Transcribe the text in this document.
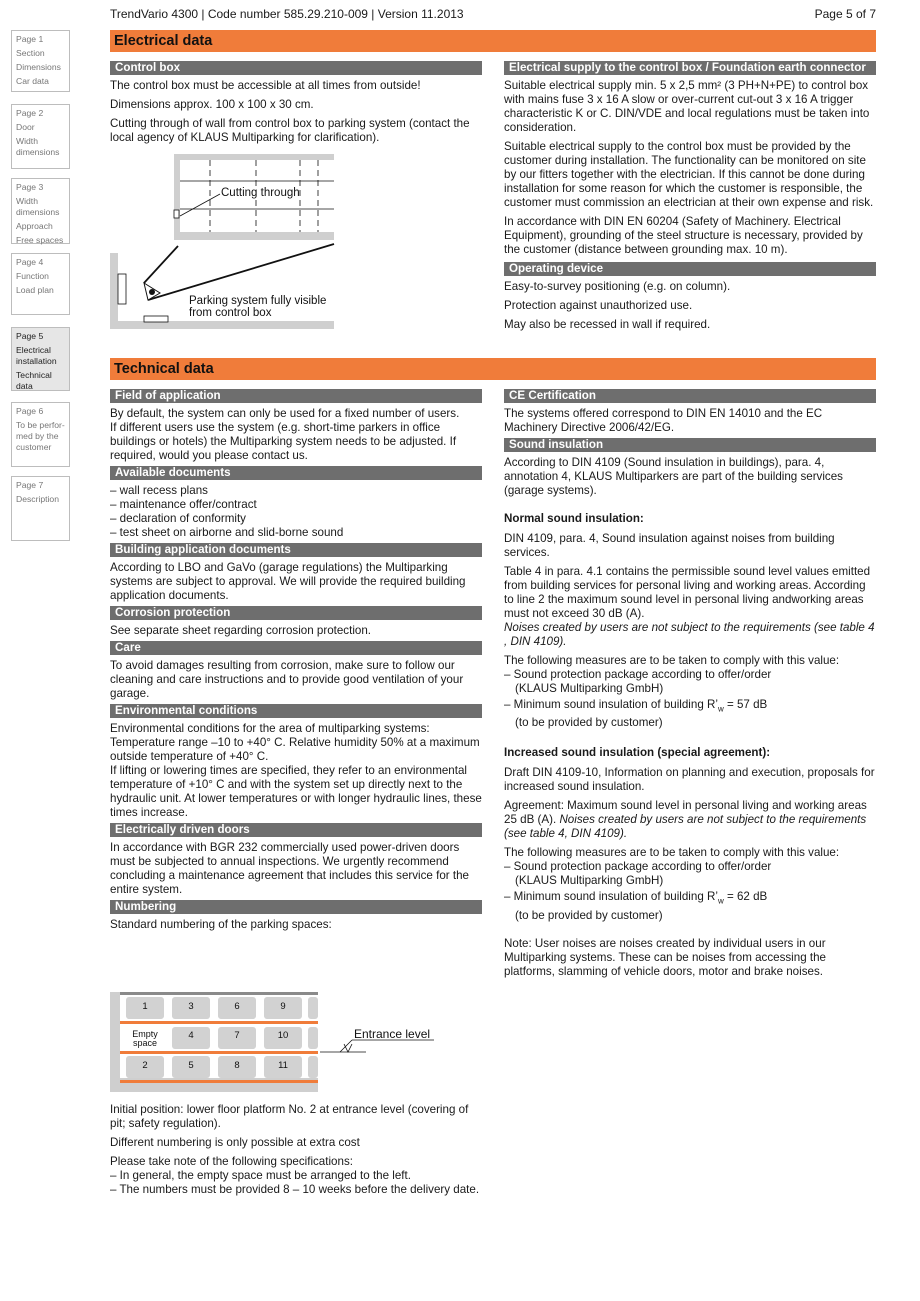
TrendVario 4300 | Code number 585.29.210-009 | Version 11.2013	Page 5 of 7
Page 1
Section
Dimensions
Car data
Page 2
Door
Width dimensions
Page 3
Width dimensions
Approach
Free spaces
Page 4
Function
Load plan
Page 5
Electrical installation
Technical data
Page 6
To be perfor-med by the customer
Page 7
Description
Electrical data
Control box

The control box must be accessible at all times from outside!

Dimensions approx. 100 x 100 x 30 cm.

Cutting through of wall from control box to parking system (contact the local agency of KLAUS Multiparking for clarification).

Cutting through
Parking system fully visible
from control box
Electrical supply to the control box / Foundation earth connector

Suitable electrical supply min. 5 x 2,5 mm² (3 PH+N+PE) to control box with mains fuse 3 x 16 A slow or over-current cut-out 3 x 16 A trigger characteristic K or C. DIN/VDE and local regulations must be taken into consideration.

Suitable electrical supply to the control box must be provided by the customer during installation. The functionality can be monitored on site by our fitters together with the electrician. If this cannot be done during installation for some reason for which the customer is responsible, the customer must commission an electrician at their own expense and risk.

In accordance with DIN EN 60204 (Safety of Machinery. Electrical Equipment), grounding of the steel structure is necessary, provided by the customer (distance between grounding max. 10 m).

Operating device

Easy-to-survey positioning (e.g. on column).

Protection against unauthorized use.

May also be recessed in wall if required.

Technical data
Field of application
By default, the system can only be used for a fixed number of users.
If different users use the system (e.g. short-time parkers in office buildings or hotels) the Multiparking system needs to be adjusted. If required, would you please contact us.
Available documents
– wall recess plans
– maintenance offer/contract
– declaration of conformity
– test sheet on airborne and slid-borne sound
Building application documents
According to LBO and GaVo (garage regulations) the Multiparking systems are subject to approval. We will provide the required building application documents.
Corrosion protection
See separate sheet regarding corrosion protection.
Care
To avoid damages resulting from corrosion, make sure to follow our cleaning and care instructions and to provide good ventilation of your garage.
Environmental conditions
Environmental conditions for the area of multiparking systems: Temperature range –10 to +40° C. Relative humidity 50% at a maximum outside temperature of +40° C.
If lifting or lowering times are specified, they refer to an environmental temperature of +10° C and with the system set up directly next to the hydraulic unit. At lower temperatures or with longer hydraulic lines, these times increase.
Electrically driven doors
In accordance with BGR 232 commercially used power-driven doors must be subjected to annual inspections. We urgently recommend concluding a maintenance agreement that includes this service for the entire system.
Numbering
Standard numbering of the parking spaces:
1	3	6	9
Empty
space
4	7	10
2	5	8	11
Entrance level

Initial position: lower floor platform No. 2 at entrance level (covering of pit; safety regulation).

Different numbering is only possible at extra cost

Please take note of the following specifications:
– In general, the empty space must be arranged to the left.
– The numbers must be provided 8 – 10 weeks before the delivery date.
CE Certification
The systems offered correspond to DIN EN 14010 and the EC Machinery Directive 2006/42/EG.
Sound insulation
According to DIN 4109 (Sound insulation in buildings), para. 4, annotation 4, KLAUS Multiparkers are part of the building services (garage systems).
Normal sound insulation:

DIN 4109, para. 4, Sound insulation against noises from building services.

Table 4 in para. 4.1 contains the permissible sound level values emitted from building services for personal living and working areas. According to line 2 the maximum sound level in personal living andworking areas must not exceed 30 dB (A).

Noises created by users are not subject to the requirements (see table 4 , DIN 4109).

The following measures are to be taken to comply with this value:
– Sound protection package according to offer/order
(KLAUS Multiparking GmbH)
– Minimum sound insulation of building $R’_w = 57$ dB
(to be provided by customer)
Increased sound insulation (special agreement):

Draft DIN 4109-10, Information on planning and execution, proposals for increased sound insulation.

Agreement: Maximum sound level in personal living and working areas 25 dB (A). Noises created by users are not subject to the requirements (see table 4, DIN 4109).

The following measures are to be taken to comply with this value:
– Sound protection package according to offer/order
(KLAUS Multiparking GmbH)
– Minimum sound insulation of building $R’_w = 62$ dB
(to be provided by customer)
Note: User noises are noises created by individual users in our Multiparking systems. These can be noises from accessing the platforms, slamming of vehicle doors, motor and brake noises.
